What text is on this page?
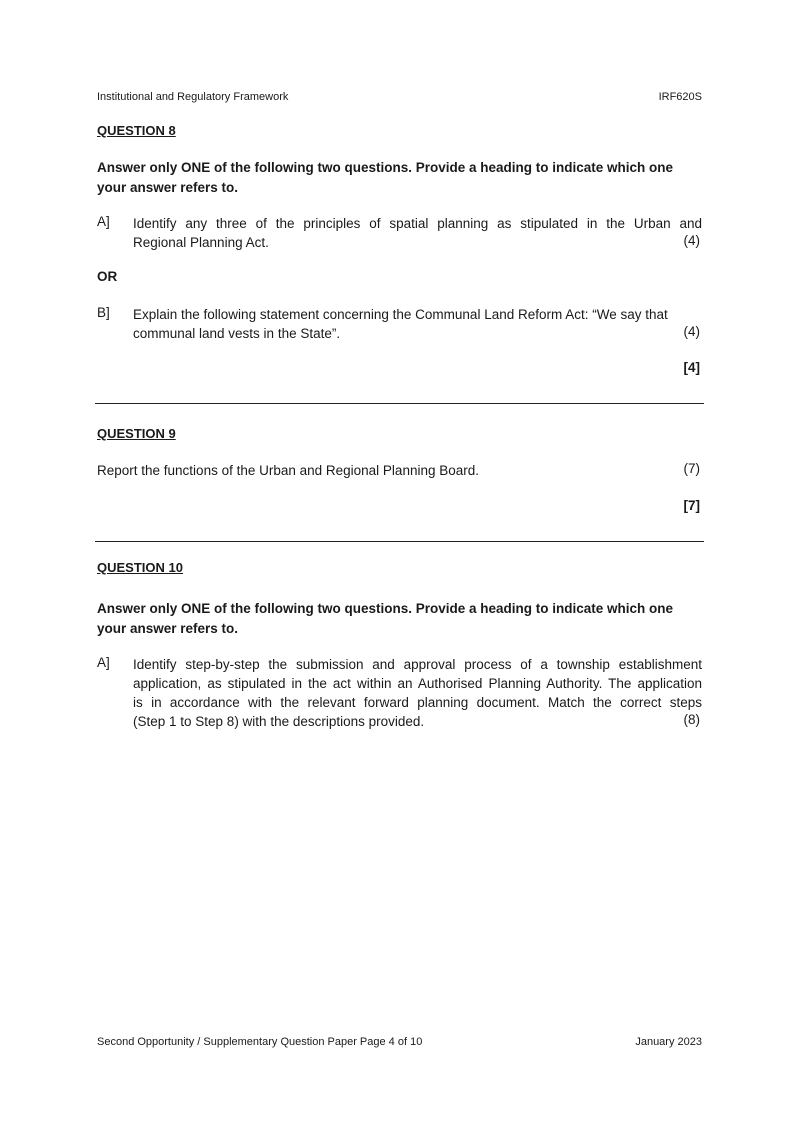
Institutional and Regulatory Framework	IRF620S
QUESTION 8
Answer only ONE of the following two questions. Provide a heading to indicate which one your answer refers to.
A] Identify any three of the principles of spatial planning as stipulated in the Urban and
Regional Planning Act.	(4)
OR
B] Explain the following statement concerning the Communal Land Reform Act: “We say that
communal land vests in the State”.	(4)
[4]
QUESTION 9
Report the functions of the Urban and Regional Planning Board.	(7)
[7]
QUESTION 10
Answer only ONE of the following two questions. Provide a heading to indicate which one your answer refers to.
A] Identify step-by-step the submission and approval process of a township establishment
application, as stipulated in the act within an Authorised Planning Authority. The application
is in accordance with the relevant forward planning document. Match the correct steps
(Step 1 to Step 8) with the descriptions provided.	(8)
Second Opportunity / Supplementary Question Paper Page 4 of 10	January 2023
